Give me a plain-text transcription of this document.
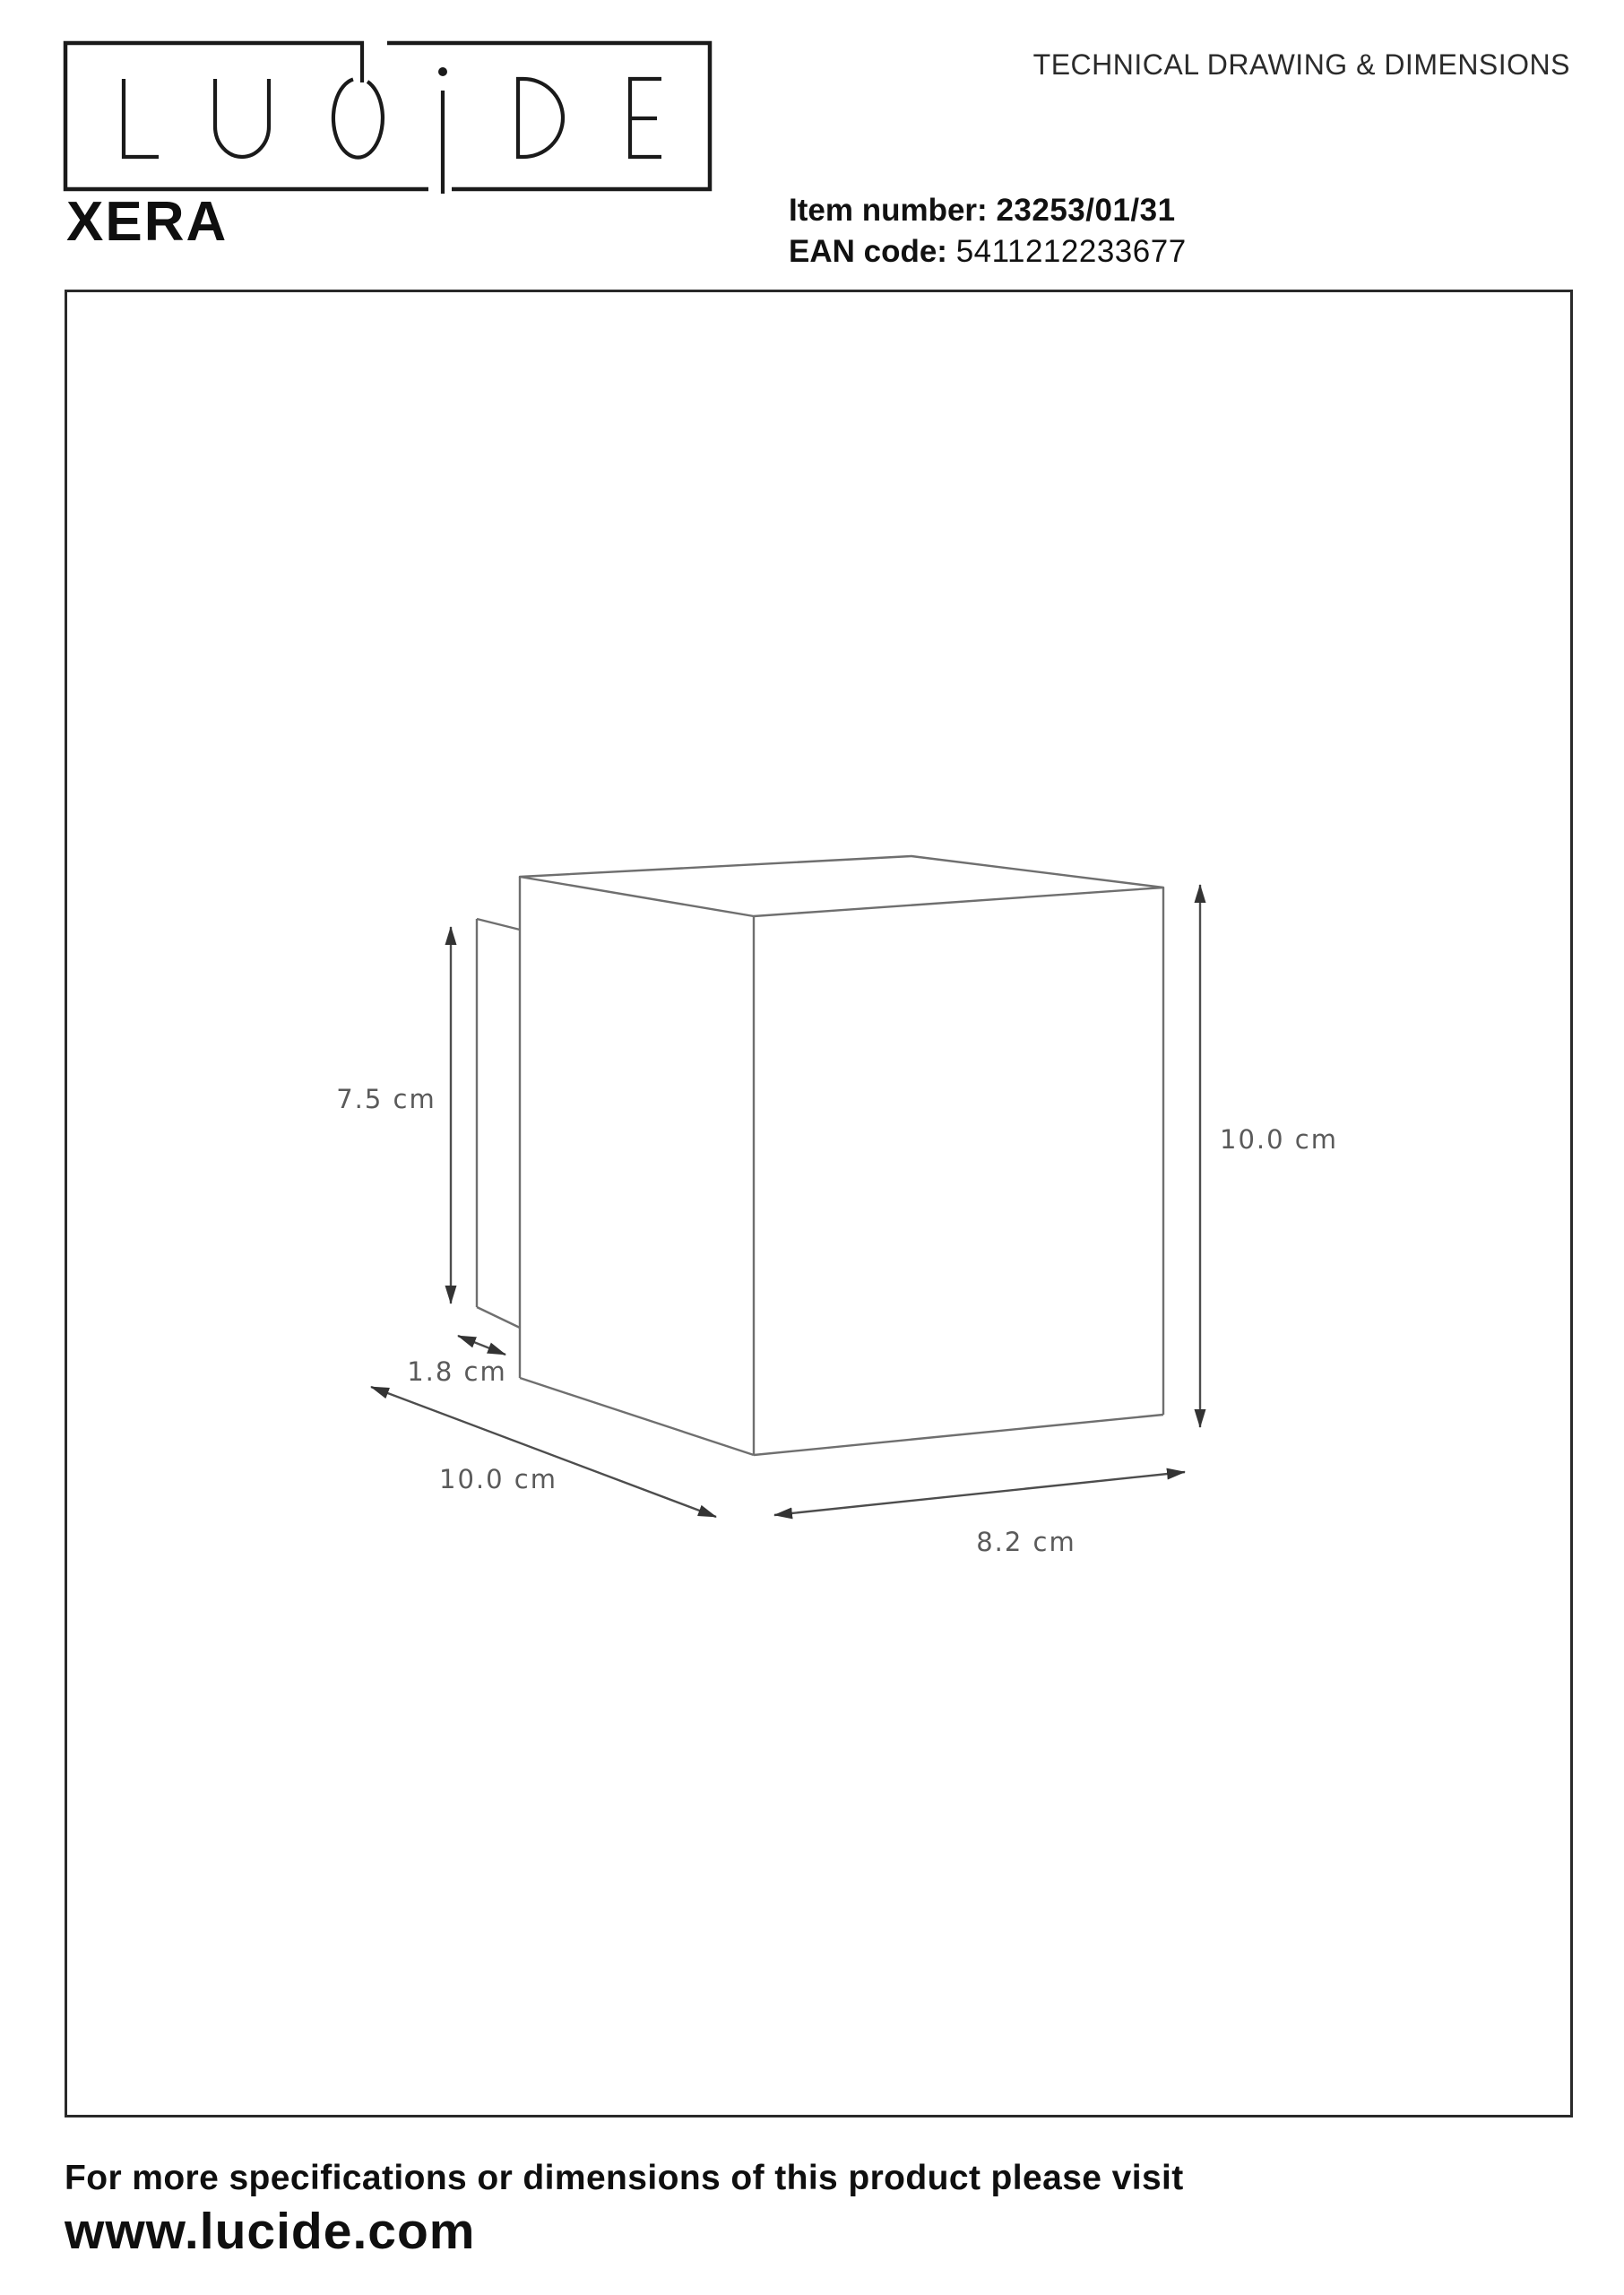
TECHNICAL DRAWING & DIMENSIONS
XERA	Item number: 23253/01/31
EAN code: 5411212233677
7.5 cm
10.0 cm
1.8 cm
10.0 cm
8.2 cm
For more specifications or dimensions of this product please visit
www.lucide.com
